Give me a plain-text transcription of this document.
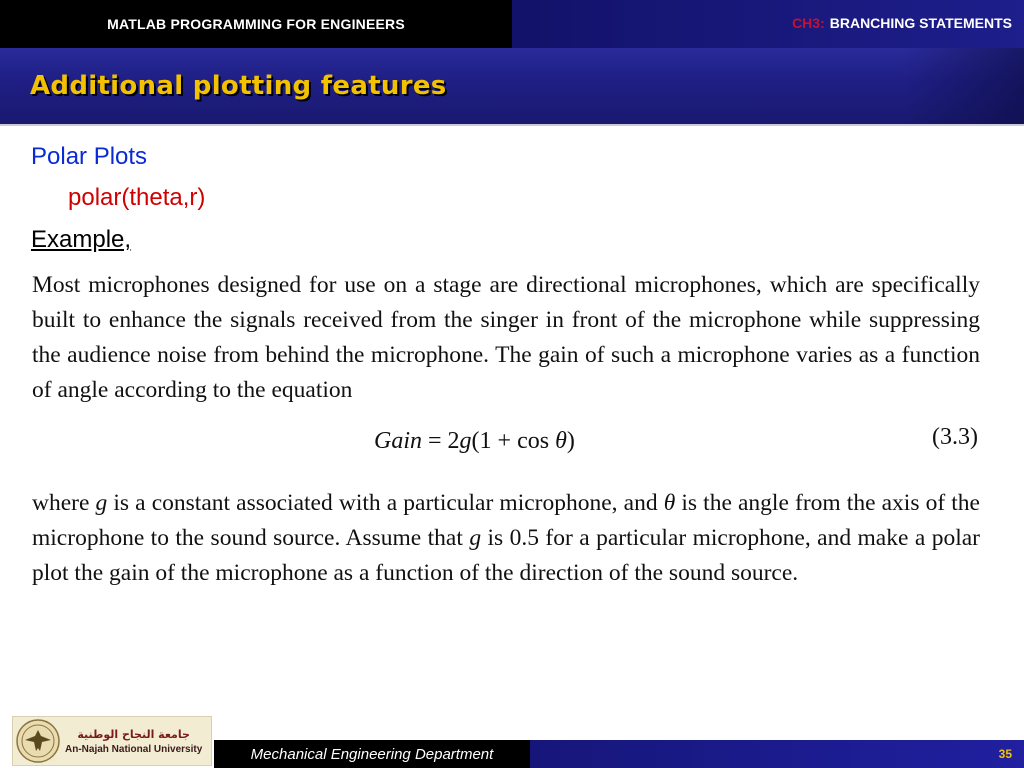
MATLAB PROGRAMMING FOR ENGINEERS	CH3: BRANCHING STATEMENTS
Additional plotting features
Polar Plots
polar(theta,r)
Example,

Most microphones designed for use on a stage are directional microphones, which are specifically built to enhance the signals received from the singer in front of the microphone while suppressing the audience noise from behind the microphone. The gain of such a microphone varies as a function of angle according to the equation

Gain = 2g(1 + cos θ)	(3.3)

where g is a constant associated with a particular microphone, and θ is the angle from the axis of the microphone to the sound source. Assume that g is 0.5 for a particular microphone, and make a polar plot the gain of the microphone as a function of the direction of the sound source.

Mechanical Engineering Department	35
جامعة النجاح الوطنية
An-Najah National University
